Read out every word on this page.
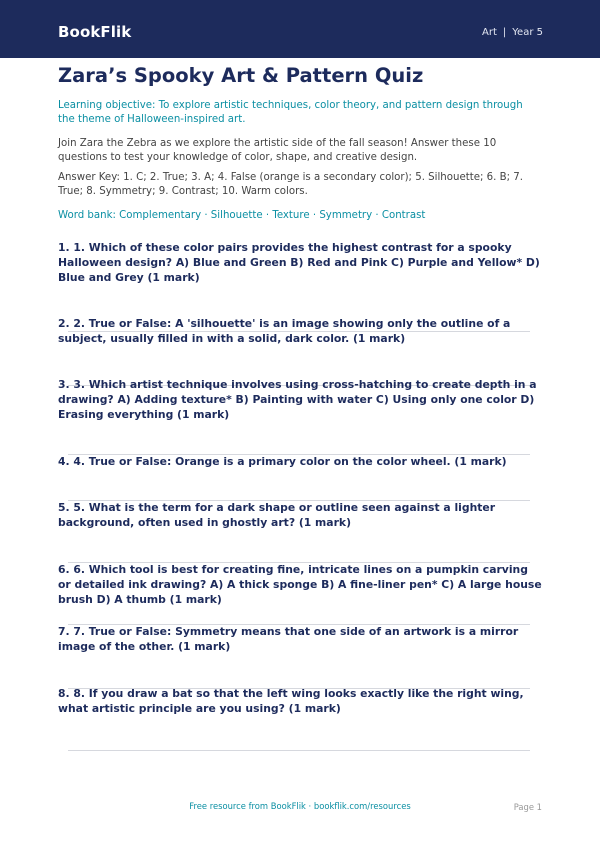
BookFlik	Art | Year 5
Zara’s Spooky Art & Pattern Quiz
Learning objective: To explore artistic techniques, color theory, and pattern design through the theme of Halloween-inspired art.
Join Zara the Zebra as we explore the artistic side of the fall season! Answer these 10 questions to test your knowledge of color, shape, and creative design.
Answer Key: 1. C; 2. True; 3. A; 4. False (orange is a secondary color); 5. Silhouette; 6. B; 7. True; 8. Symmetry; 9. Contrast; 10. Warm colors.
Word bank: Complementary · Silhouette · Texture · Symmetry · Contrast

1. 1. Which of these color pairs provides the highest contrast for a spooky Halloween design? A) Blue and Green B) Red and Pink C) Purple and Yellow* D) Blue and Grey (1 mark)

2. 2. True or False: A 'silhouette' is an image showing only the outline of a subject, usually filled in with a solid, dark color. (1 mark)

3. 3. Which artist technique involves using cross-hatching to create depth in a drawing? A) Adding texture* B) Painting with water C) Using only one color D) Erasing everything (1 mark)

4. 4. True or False: Orange is a primary color on the color wheel. (1 mark)

5. 5. What is the term for a dark shape or outline seen against a lighter background, often used in ghostly art? (1 mark)

6. 6. Which tool is best for creating fine, intricate lines on a pumpkin carving or detailed ink drawing? A) A thick sponge B) A fine-liner pen* C) A large house brush D) A thumb (1 mark)

7. 7. True or False: Symmetry means that one side of an artwork is a mirror image of the other. (1 mark)

8. 8. If you draw a bat so that the left wing looks exactly like the right wing, what artistic principle are you using? (1 mark)

Free resource from BookFlik · bookflik.com/resources	Page 1
